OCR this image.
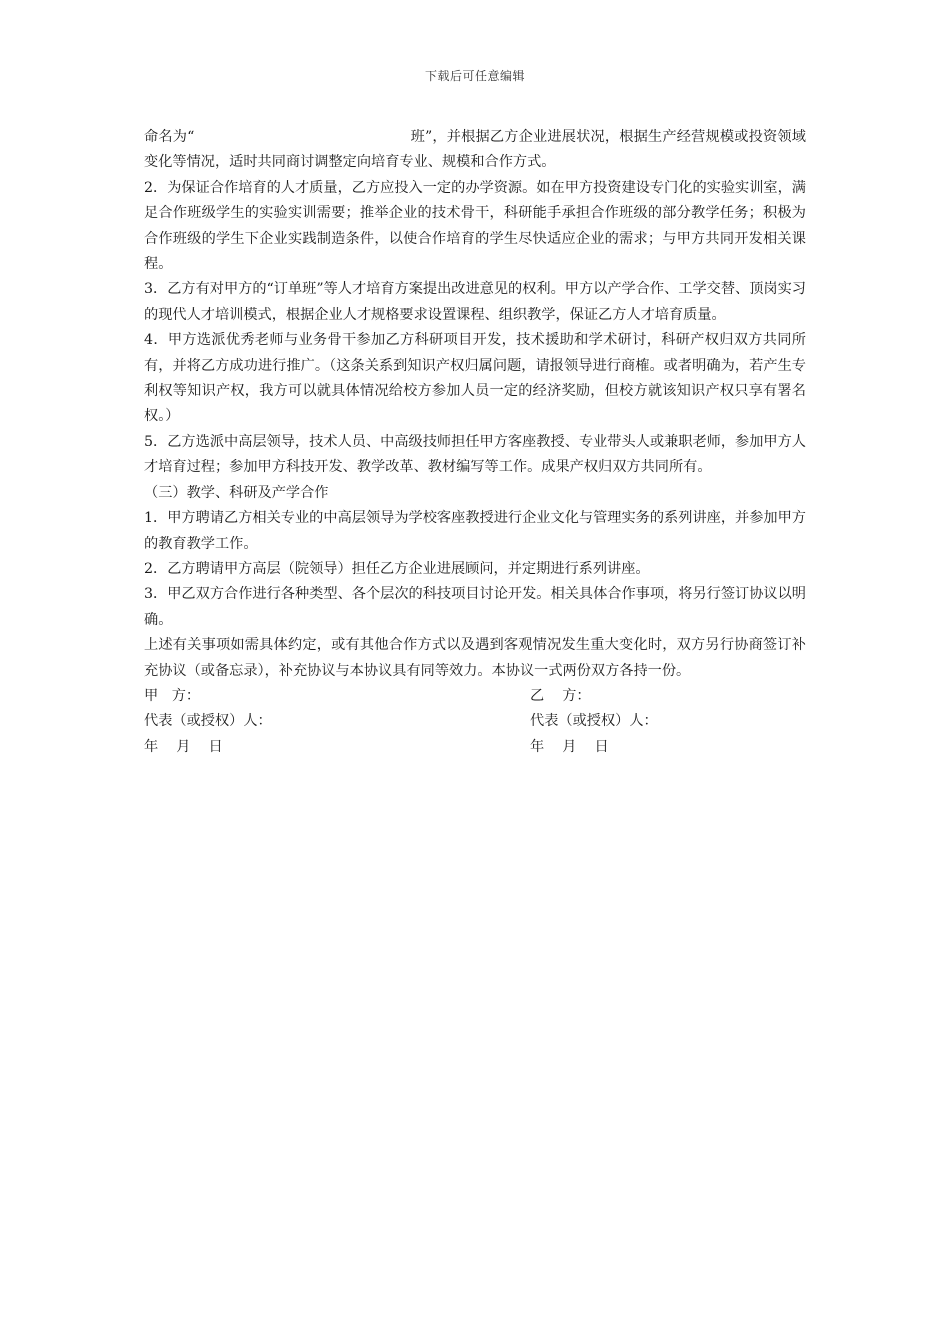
下载后可任意编辑

命名为“	班”，并根据乙方企业进展状况，根据生产经营规模或投资领域变化等情况，适时共同商讨调整定向培育专业、规模和合作方式。

2．为保证合作培育的人才质量，乙方应投入一定的办学资源。如在甲方投资建设专门化的实验实训室，满足合作班级学生的实验实训需要；推举企业的技术骨干，科研能手承担合作班级的部分教学任务；积极为合作班级的学生下企业实践制造条件，以使合作培育的学生尽快适应企业的需求；与甲方共同开发相关课程。

3．乙方有对甲方的“订单班”等人才培育方案提出改进意见的权利。甲方以产学合作、工学交替、顶岗实习的现代人才培训模式，根据企业人才规格要求设置课程、组织教学，保证乙方人才培育质量。

4．甲方选派优秀老师与业务骨干参加乙方科研项目开发，技术援助和学术研讨，科研产权归双方共同所有，并将乙方成功进行推广。（这条关系到知识产权归属问题，请报领导进行商榷。或者明确为，若产生专利权等知识产权，我方可以就具体情况给校方参加人员一定的经济奖励，但校方就该知识产权只享有署名权。）

5．乙方选派中高层领导，技术人员、中高级技师担任甲方客座教授、专业带头人或兼职老师，参加甲方人才培育过程；参加甲方科技开发、教学改革、教材编写等工作。成果产权归双方共同所有。

（三）教学、科研及产学合作

1．甲方聘请乙方相关专业的中高层领导为学校客座教授进行企业文化与管理实务的系列讲座，并参加甲方的教育教学工作。

2．乙方聘请甲方高层（院领导）担任乙方企业进展顾问，并定期进行系列讲座。

3．甲乙双方合作进行各种类型、各个层次的科技项目讨论开发。相关具体合作事项，将另行签订协议以明确。

上述有关事项如需具体约定，或有其他合作方式以及遇到客观情况发生重大变化时，双方另行协商签订补充协议（或备忘录），补充协议与本协议具有同等效力。本协议一式两份双方各持一份。

甲   方：	乙    方：
代表（或授权）人：	代表（或授权）人：
年    月    日	年    月    日
